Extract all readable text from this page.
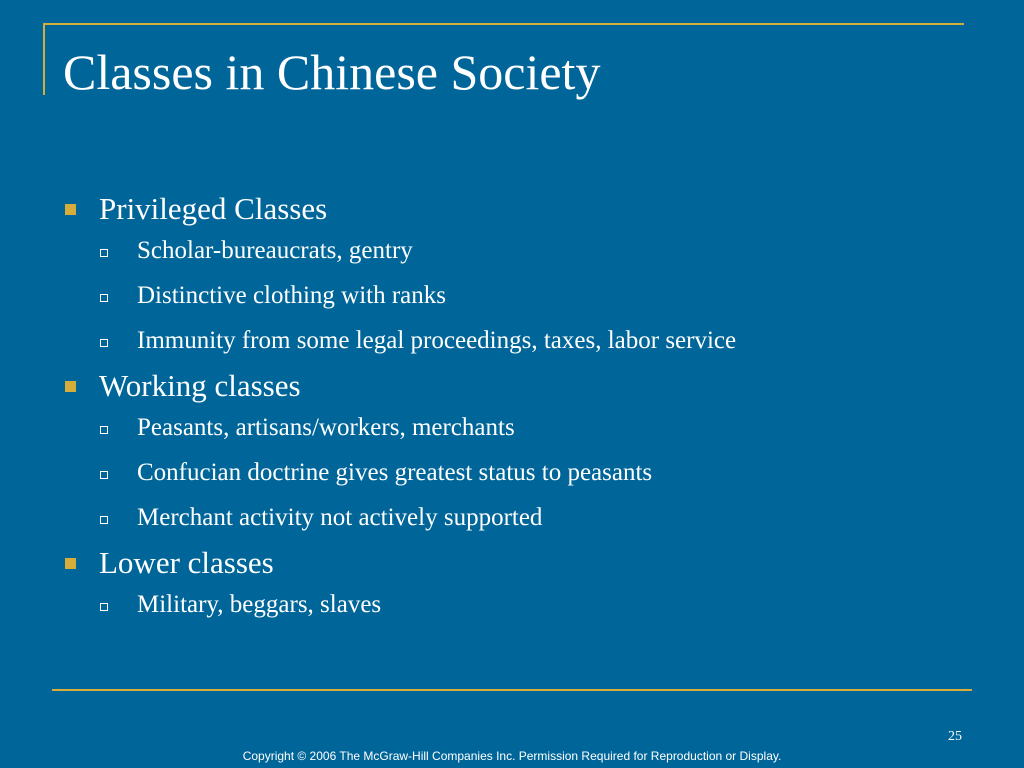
Classes in Chinese Society
Privileged Classes
Scholar-bureaucrats, gentry
Distinctive clothing with ranks
Immunity from some legal proceedings, taxes, labor service
Working classes
Peasants, artisans/workers, merchants
Confucian doctrine gives greatest status to peasants
Merchant activity not actively supported
Lower classes
Military, beggars, slaves
25
Copyright © 2006 The McGraw-Hill Companies Inc. Permission Required for Reproduction or Display.
